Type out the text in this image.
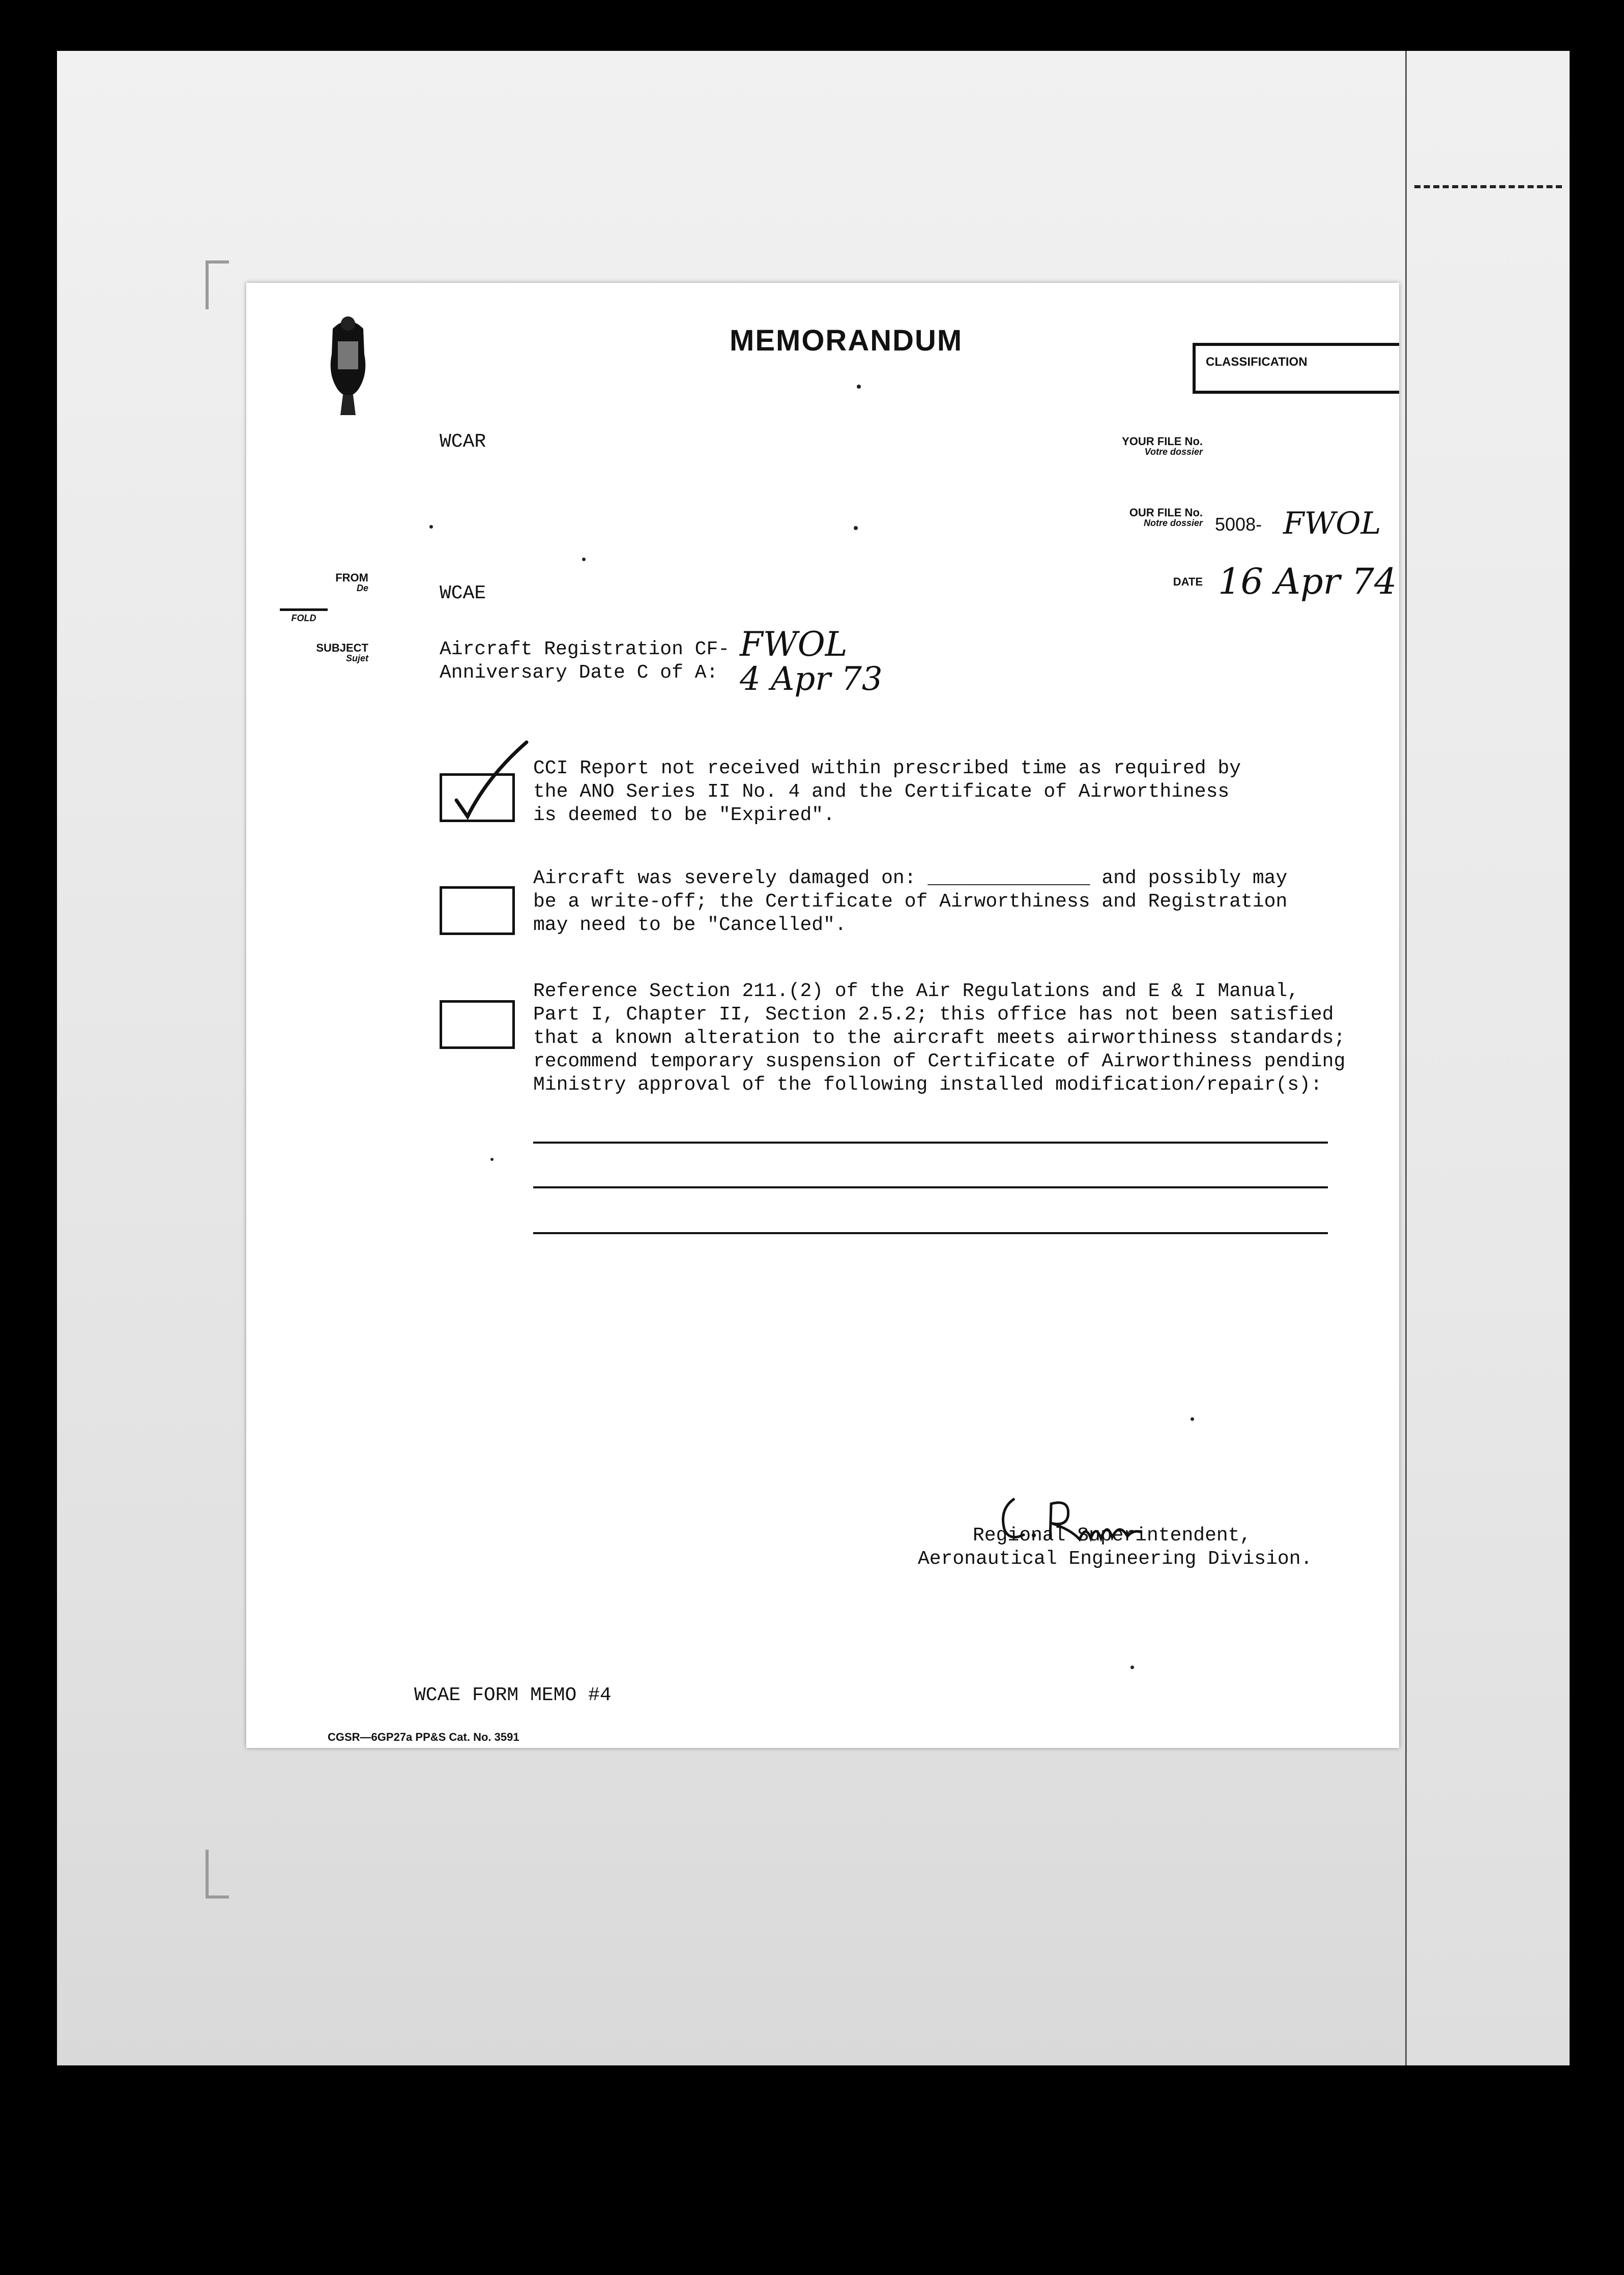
MEMORANDUM
CLASSIFICATION
WCAR	YOUR FILE No.
Votre dossier
OUR FILE No.
Notre dossier 5008- FWOL
FROM
De	WCAE
FOLD
DATE 16 Apr 74
SUBJECT
Sujet	Aircraft Registration CF- FWOL
Anniversary Date C of A: 4 Apr 73
CCI Report not received within prescribed time as required by
the ANO Series II No. 4 and the Certificate of Airworthiness
is deemed to be "Expired".
Aircraft was severely damaged on: ______________ and possibly may
be a write-off; the Certificate of Airworthiness and Registration
may need to be "Cancelled".
Reference Section 211.(2) of the Air Regulations and E & I Manual,
Part I, Chapter II, Section 2.5.2; this office has not been satisfied
that a known alteration to the aircraft meets airworthiness standards;
recommend temporary suspension of Certificate of Airworthiness pending
Ministry approval of the following installed modification/repair(s):
Regional Superintendent,
Aeronautical Engineering Division.
WCAE FORM MEMO #4
CGSR—6GP27a PP&S Cat. No. 3591
